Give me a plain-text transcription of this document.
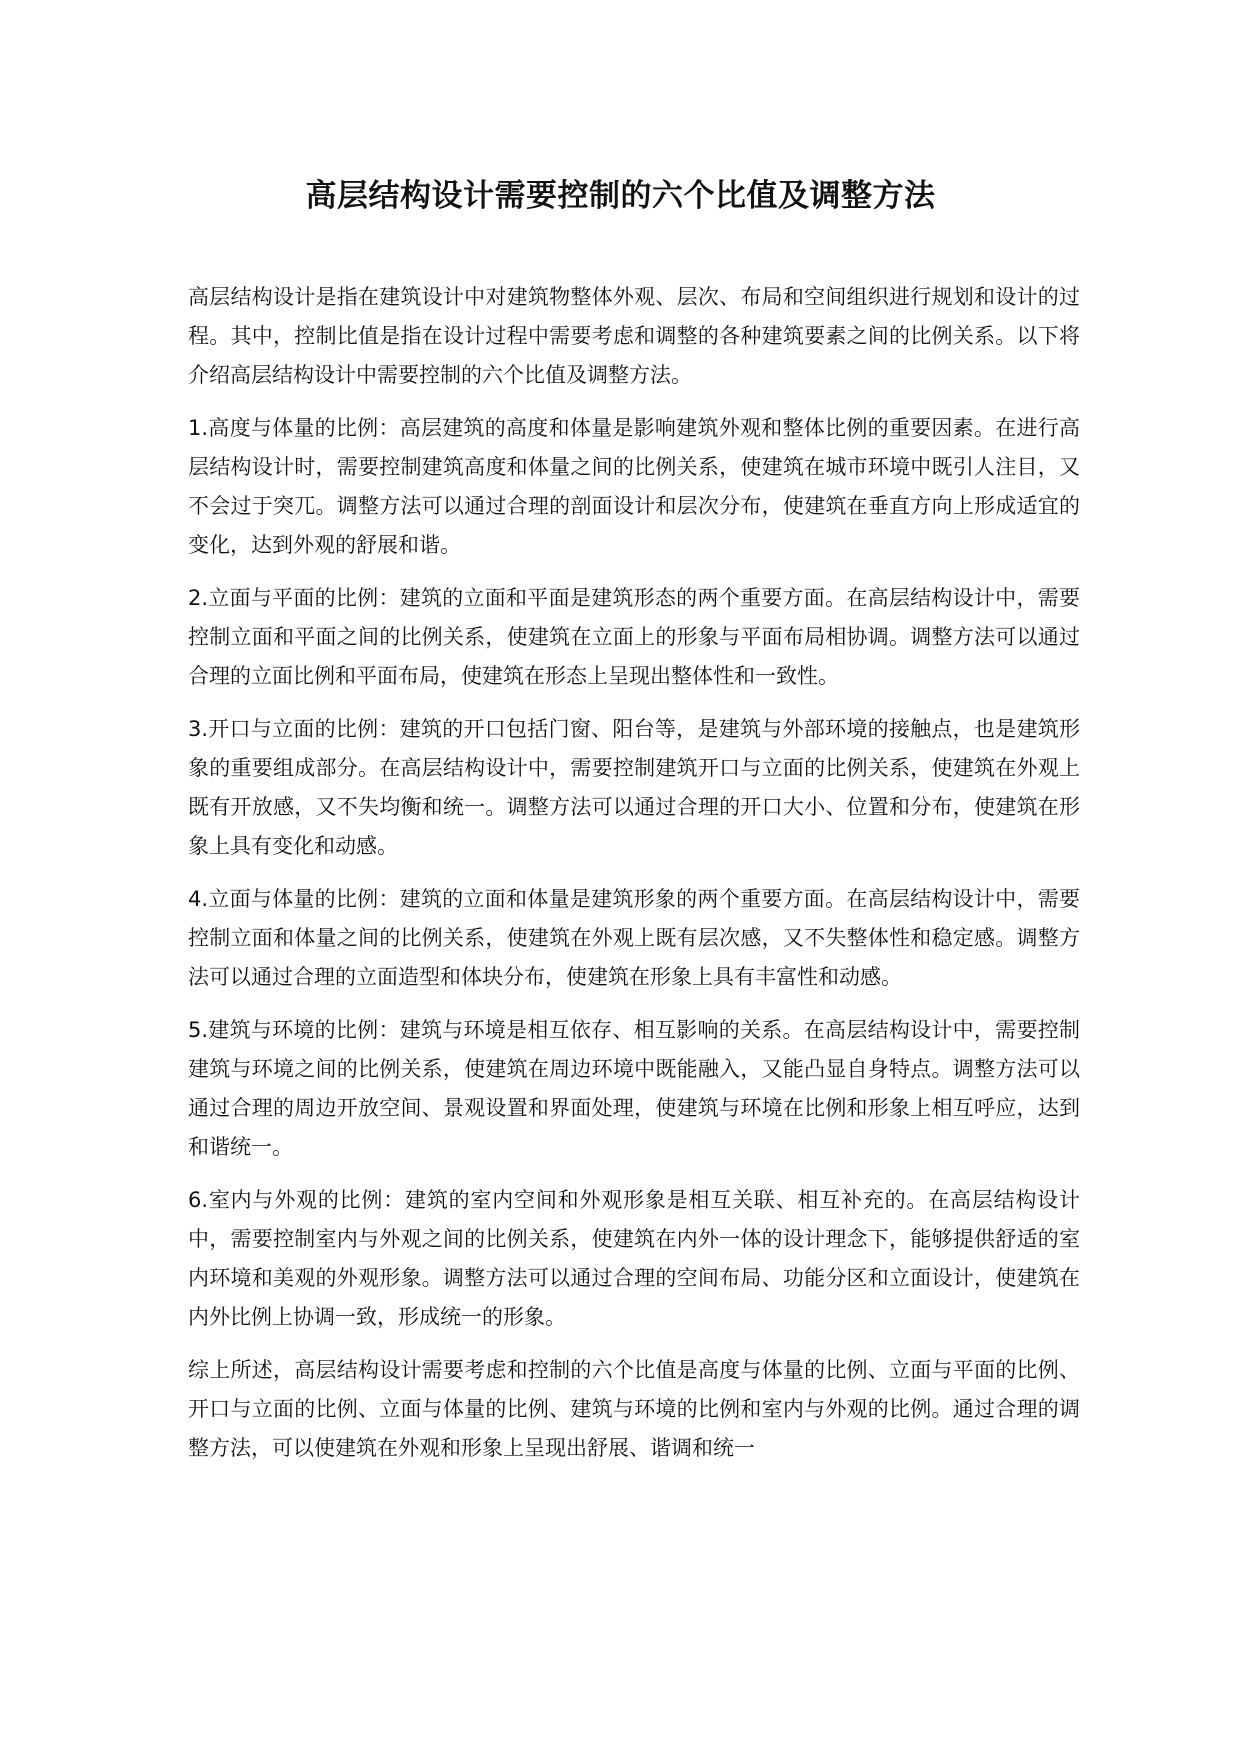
高层结构设计需要控制的六个比值及调整方法

高层结构设计是指在建筑设计中对建筑物整体外观、层次、布局和空间组织进行规划和设计的过程。其中，控制比值是指在设计过程中需要考虑和调整的各种建筑要素之间的比例关系。以下将介绍高层结构设计中需要控制的六个比值及调整方法。

1.高度与体量的比例：高层建筑的高度和体量是影响建筑外观和整体比例的重要因素。在进行高层结构设计时，需要控制建筑高度和体量之间的比例关系，使建筑在城市环境中既引人注目，又不会过于突兀。调整方法可以通过合理的剖面设计和层次分布，使建筑在垂直方向上形成适宜的变化，达到外观的舒展和谐。

2.立面与平面的比例：建筑的立面和平面是建筑形态的两个重要方面。在高层结构设计中，需要控制立面和平面之间的比例关系，使建筑在立面上的形象与平面布局相协调。调整方法可以通过合理的立面比例和平面布局，使建筑在形态上呈现出整体性和一致性。

3.开口与立面的比例：建筑的开口包括门窗、阳台等，是建筑与外部环境的接触点，也是建筑形象的重要组成部分。在高层结构设计中，需要控制建筑开口与立面的比例关系，使建筑在外观上既有开放感，又不失均衡和统一。调整方法可以通过合理的开口大小、位置和分布，使建筑在形象上具有变化和动感。

4.立面与体量的比例：建筑的立面和体量是建筑形象的两个重要方面。在高层结构设计中，需要控制立面和体量之间的比例关系，使建筑在外观上既有层次感，又不失整体性和稳定感。调整方法可以通过合理的立面造型和体块分布，使建筑在形象上具有丰富性和动感。

5.建筑与环境的比例：建筑与环境是相互依存、相互影响的关系。在高层结构设计中，需要控制建筑与环境之间的比例关系，使建筑在周边环境中既能融入，又能凸显自身特点。调整方法可以通过合理的周边开放空间、景观设置和界面处理，使建筑与环境在比例和形象上相互呼应，达到和谐统一。

6.室内与外观的比例：建筑的室内空间和外观形象是相互关联、相互补充的。在高层结构设计中，需要控制室内与外观之间的比例关系，使建筑在内外一体的设计理念下，能够提供舒适的室内环境和美观的外观形象。调整方法可以通过合理的空间布局、功能分区和立面设计，使建筑在内外比例上协调一致，形成统一的形象。

综上所述，高层结构设计需要考虑和控制的六个比值是高度与体量的比例、立面与平面的比例、开口与立面的比例、立面与体量的比例、建筑与环境的比例和室内与外观的比例。通过合理的调整方法，可以使建筑在外观和形象上呈现出舒展、谐调和统一
